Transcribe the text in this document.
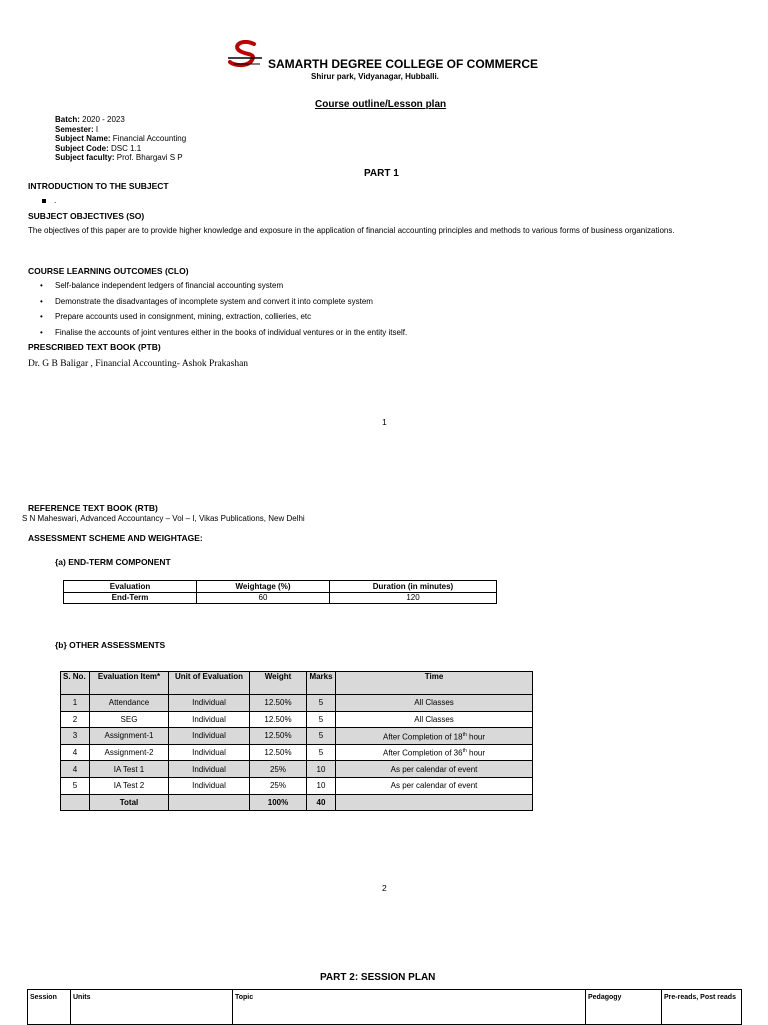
SAMARTH DEGREE COLLEGE OF COMMERCE
Shirur park, Vidyanagar, Hubballi.
Course outline/Lesson plan
Batch: 2020 - 2023
Semester: I
Subject Name: Financial Accounting
Subject Code: DSC 1.1
Subject faculty: Prof. Bhargavi S P
PART 1
INTRODUCTION TO THE SUBJECT
.
SUBJECT OBJECTIVES (SO)
The objectives of this paper are to provide higher knowledge and exposure in the application of financial accounting principles and methods to various forms of business organizations.
COURSE LEARNING OUTCOMES (CLO)
• Self-balance independent ledgers of financial accounting system
• Demonstrate the disadvantages of incomplete system and convert it into complete system
• Prepare accounts used in consignment, mining, extraction, collieries, etc
• Finalise the accounts of joint ventures either in the books of individual ventures or in the entity itself.
PRESCRIBED TEXT BOOK (PTB)
Dr. G B Baligar , Financial Accounting- Ashok Prakashan
1
REFERENCE TEXT BOOK (RTB)
S N Maheswari, Advanced Accountancy – Vol – I, Vikas Publications, New Delhi
ASSESSMENT SCHEME AND WEIGHTAGE:
{a) END-TERM COMPONENT
Evaluation	Weightage (%)	Duration (in minutes)
End-Term	60	120
{b} OTHER ASSESSMENTS
S. No.	Evaluation Item*	Unit of Evaluation	Weight	Marks	Time
1	Attendance	Individual	12.50%	5	All Classes
2	SEG	Individual	12.50%	5	All Classes
3	Assignment-1	Individual	12.50%	5	After Completion of 18th hour
4	Assignment-2	Individual	12.50%	5	After Completion of 36th hour
4	IA Test 1	Individual	25%	10	As per calendar of event
5	IA Test 2	Individual	25%	10	As per calendar of event
	Total		100%	40	
2
PART 2: SESSION PLAN
Session	Units	Topic	Pedagogy	Pre-reads, Post reads
